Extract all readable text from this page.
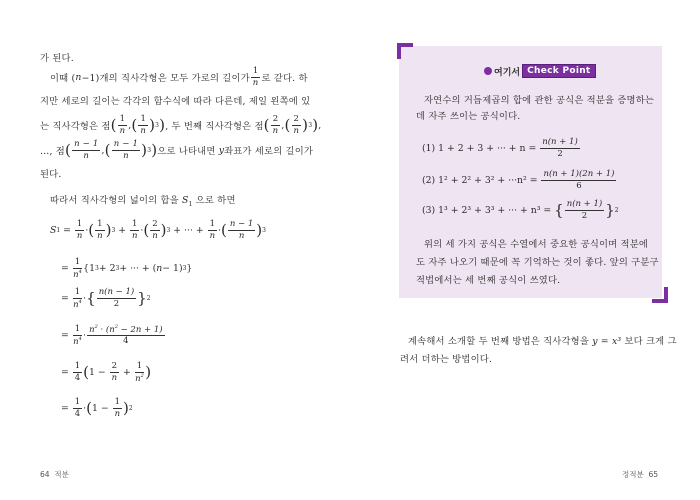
가 된다.
이때 ( n −1)개의 직사각형은 모두 가로의 길이가 $\frac{1}{n}$ 로 같다. 하
지만 세로의 길이는 각각의 함수식에 따라 다른데, 제일 왼쪽에 있
는 직사각형은 점 ( $\frac{1}{n}$ , ( $\frac{1}{n}$ ) 3 ) , 두 번째 직사각형은 점 ( $\frac{2}{n}$ , ( $\frac{2}{n}$ ) 3 ) ,
…, 점 ( $\frac{n - 1}{n}$ , ( $\frac{n - 1}{n}$ ) 3 ) 으로 나타내면
y 좌표가 세로의 길이가
된다.
따라서 직사각형의 넓이의 합을 $S_1$ 으로 하면
S $1 = \frac{1}{n}$ · ( $\frac{1}{n}$ ) $3 + \frac{1}{n}$ · ( $\frac{2}{n}$ ) 3 + ··· + $\frac{1}{n}$ · ( $\frac{n - 1}{n}$ ) 3
= $\frac{1}{n^4} \{1$ 3 + 2 3 + ··· + ( n − 1) 3 }
= $\frac{1}{n^4}$ · { $\frac{n(n - 1)}{2}$ } 2
= $\frac{1}{n^4} \cdot \frac{n^2 \cdot (n^2 - 2n + 1)}{4}$
= $\frac{1}{4}$ ( $1 - \frac{2}{n} + \frac{1}{n^2}$ )
= $\frac{1}{4}$ · ( $1 - \frac{1}{n}$ ) 2
64 적분
여기서 Check Point
자연수의 거듭제곱의 합에 관한 공식은 적분을 증명하는
데 자주 쓰이는 공식이다.
(1)
1 + 2 + 3 + ··· + n =
$\frac{n(n + 1)}{2}$
(2)
1² + 2² + 3² + ···n² =
$\frac{n(n + 1)(2n + 1)}{6}$
(3)
1³ + 2³ + 3³ + ··· + n³ =
{ $\frac{n(n + 1)}{2}$ } 2
위의 세 가지 공식은 수열에서 중요한 공식이며 적분에
도 자주 나오기 때문에 꼭 기억하는 것이 좋다. 앞의 구분구
적법에서는 세 번째 공식이 쓰였다.
계속해서 소개할 두 번째 방법은 직사각형을 y = x³ 보다 크게 그
려서 더하는 방법이다.
정적분 65
